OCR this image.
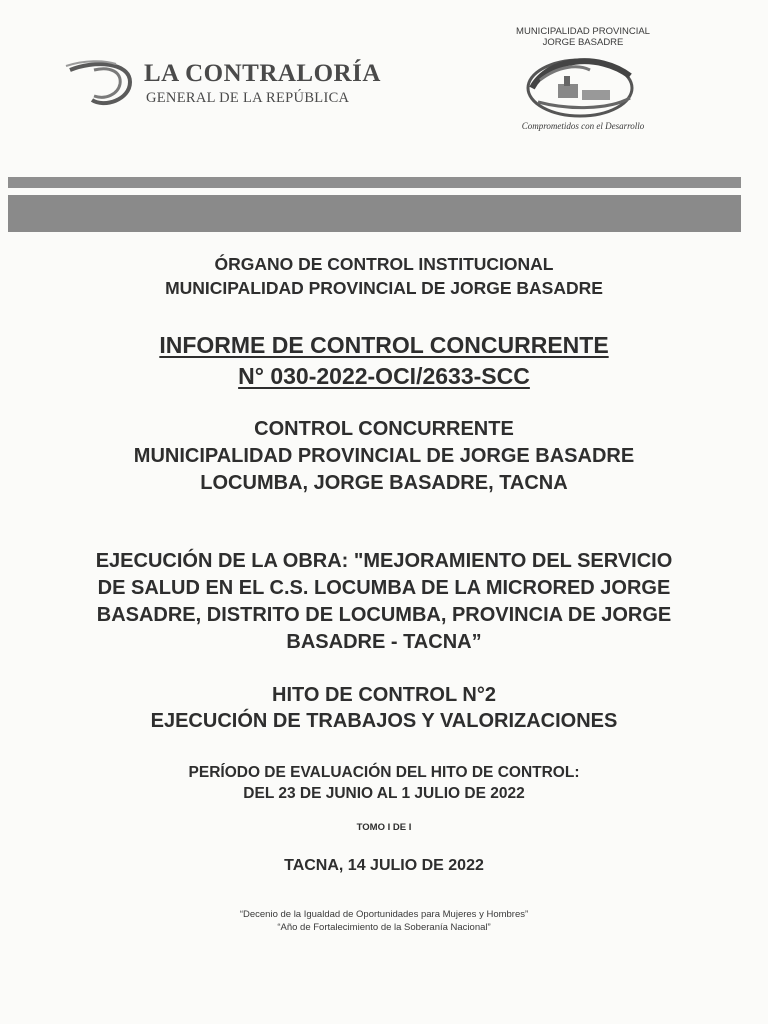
LA CONTRALORÍA
GENERAL DE LA REPÚBLICA
MUNICIPALIDAD PROVINCIAL
JORGE BASADRE
Comprometidos con el Desarrollo
ÓRGANO DE CONTROL INSTITUCIONAL
MUNICIPALIDAD PROVINCIAL DE JORGE BASADRE
INFORME DE CONTROL CONCURRENTE
N° 030-2022-OCI/2633-SCC
CONTROL CONCURRENTE
MUNICIPALIDAD PROVINCIAL DE JORGE BASADRE
LOCUMBA, JORGE BASADRE, TACNA
EJECUCIÓN DE LA OBRA: "MEJORAMIENTO DEL SERVICIO
DE SALUD EN EL C.S. LOCUMBA DE LA MICRORED JORGE
BASADRE, DISTRITO DE LOCUMBA, PROVINCIA DE JORGE
BASADRE - TACNA”
HITO DE CONTROL N°2
EJECUCIÓN DE TRABAJOS Y VALORIZACIONES
PERÍODO DE EVALUACIÓN DEL HITO DE CONTROL:
DEL 23 DE JUNIO AL 1 JULIO DE 2022
TOMO I DE I
TACNA, 14 JULIO DE 2022
“Decenio de la Igualdad de Oportunidades para Mujeres y Hombres”
“Año de Fortalecimiento de la Soberanía Nacional”
